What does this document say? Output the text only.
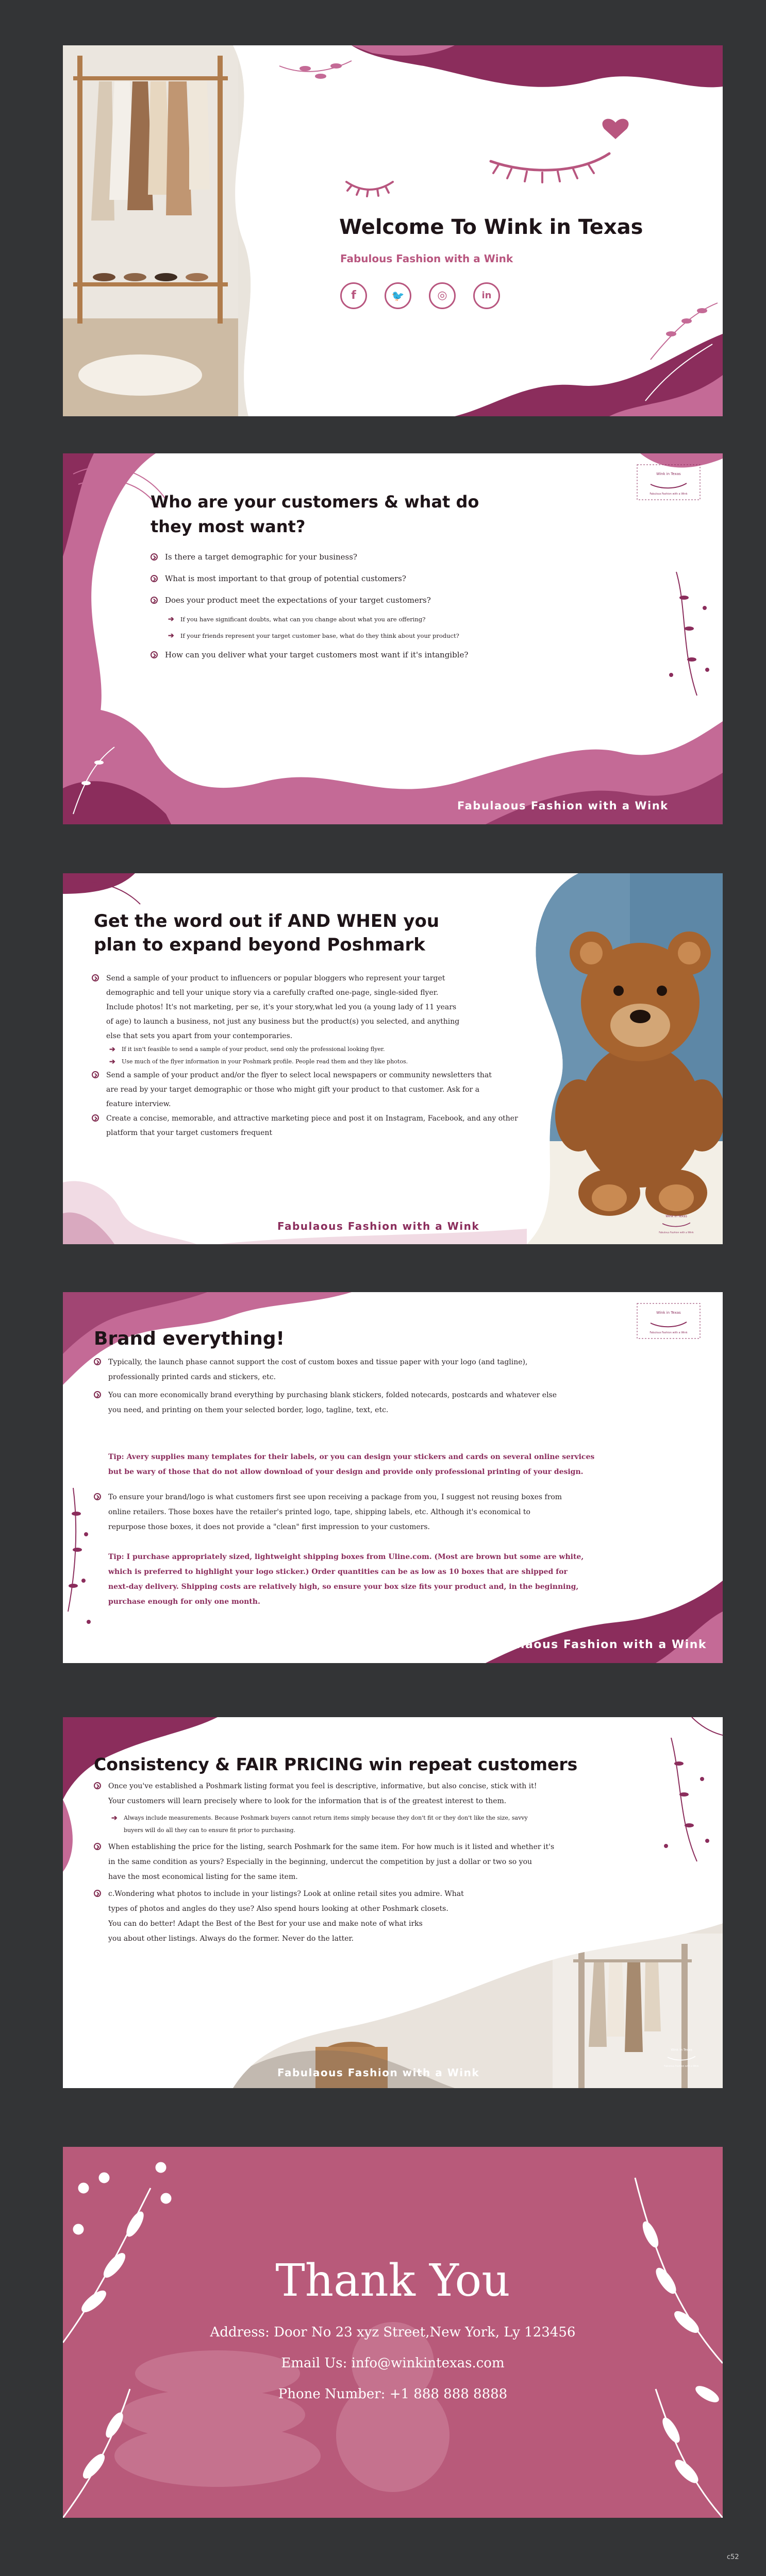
Welcome To Wink in Texas
Fabulous Fashion with a Wink
f	🐦	◎	in
Wink in Texas
Fabulous Fashion with a Wink
Who are your customers & what do
they most want?
Is there a target demographic for your business?
What is most important to that group of potential customers?
Does your product meet the expectations of your target customers?
➔ If you have significant doubts, what can you change about what you are offering?
➔ If your friends represent your target customer base, what do they think about your product?
How can you deliver what your target customers most want if it's intangible?
Fabulaous Fashion with a Wink
Wink in Texas
Fabulous Fashion with a Wink
Get the word out if AND WHEN you
plan to expand beyond Poshmark
Send a sample of your product to influencers or popular bloggers who represent your target
demographic and tell your unique story via a carefully crafted one-page, single-sided flyer.
Include photos! It's not marketing, per se, it's your story,what led you (a young lady of 11 years
of age) to launch a business, not just any business but the product(s) you selected, and anything
else that sets you apart from your contemporaries.
➔ If it isn't feasible to send a sample of your product, send only the professional looking flyer.
➔ Use much of the flyer information in your Poshmark profile. People read them and they like photos.
Send a sample of your product and/or the flyer to select local newspapers or community newsletters that
are read by your target demographic or those who might gift your product to that customer. Ask for a
feature interview.
Create a concise, memorable, and attractive marketing piece and post it on Instagram, Facebook, and any other
platform that your target customers frequent
Fabulaous Fashion with a Wink
Wink in Texas
Fabulous Fashion with a Wink
Brand everything!
Typically, the launch phase cannot support the cost of custom boxes and tissue paper with your logo (and tagline),
professionally printed cards and stickers, etc.
You can more economically brand everything by purchasing blank stickers, folded notecards, postcards and whatever else
you need, and printing on them your selected border, logo, tagline, text, etc.

Tip: Avery supplies many templates for their labels, or you can design your stickers and cards on several online services
but be wary of those that do not allow download of your design and provide only professional printing of your design.

To ensure your brand/logo is what customers first see upon receiving a package from you, I suggest not reusing boxes from
online retailers. Those boxes have the retailer's printed logo, tape, shipping labels, etc. Although it's economical to
repurpose those boxes, it does not provide a "clean" first impression to your customers.

Tip: I purchase appropriately sized, lightweight shipping boxes from Uline.com. (Most are brown but some are white,
which is preferred to highlight your logo sticker.) Order quantities can be as low as 10 boxes that are shipped for
next-day delivery. Shipping costs are relatively high, so ensure your box size fits your product and, in the beginning,
purchase enough for only one month.

Fabulaous Fashion with a Wink
Wink in Texas
Fabulous Fashion with a Wink
Consistency & FAIR PRICING win repeat customers
Once you've established a Poshmark listing format you feel is descriptive, informative, but also concise, stick with it!
Your customers will learn precisely where to look for the information that is of the greatest interest to them.
➔ Always include measurements. Because Poshmark buyers cannot return items simply because they don't fit or they don't like the size, savvy
buyers will do all they can to ensure fit prior to purchasing.
When establishing the price for the listing, search Poshmark for the same item. For how much is it listed and whether it's
in the same condition as yours? Especially in the beginning, undercut the competition by just a dollar or two so you
have the most economical listing for the same item.
c.Wondering what photos to include in your listings? Look at online retail sites you admire. What
types of photos and angles do they use? Also spend hours looking at other Poshmark closets.
You can do better! Adapt the Best of the Best for your use and make note of what irks
you about other listings. Always do the former. Never do the latter.
Fabulaous Fashion with a Wink
Thank You
Address: Door No 23 xyz Street,New York, Ly 123456
Email Us: info@winkintexas.com
Phone Number: +1 888 888 8888
c52
